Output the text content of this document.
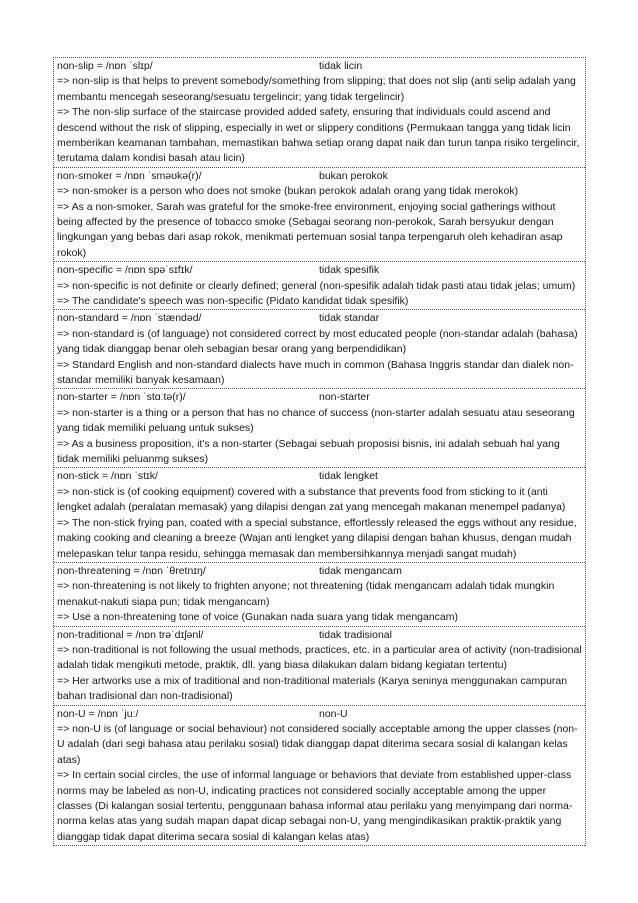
non-slip = /nɒn ˈslɪp/	tidak licin
=> non-slip is that helps to prevent somebody/something from slipping; that does not slip (anti selip adalah yang membantu mencegah seseorang/sesuatu tergelincir; yang tidak tergelincir)
=> The non-slip surface of the staircase provided added safety, ensuring that individuals could ascend and descend without the risk of slipping, especially in wet or slippery conditions (Permukaan tangga yang tidak licin memberikan keamanan tambahan, memastikan bahwa setiap orang dapat naik dan turun tanpa risiko tergelincir, terutama dalam kondisi basah atau licin)
non-smoker = /nɒn ˈsməʊkə(r)/	bukan perokok
=> non-smoker is a person who does not smoke (bukan perokok adalah orang yang tidak merokok)
=> As a non-smoker, Sarah was grateful for the smoke-free environment, enjoying social gatherings without being affected by the presence of tobacco smoke (Sebagai seorang non-perokok, Sarah bersyukur dengan lingkungan yang bebas dari asap rokok, menikmati pertemuan sosial tanpa terpengaruh oleh kehadiran asap rokok)
non-specific = /nɒn spəˈsɪfɪk/	tidak spesifik
=> non-specific is not definite or clearly defined; general (non-spesifik adalah tidak pasti atau tidak jelas; umum)
=> The candidate's speech was non-specific (Pidato kandidat tidak spesifik)
non-standard = /nɒn ˈstændəd/	tidak standar
=> non-standard is (of language) not considered correct by most educated people (non-standar adalah (bahasa) yang tidak dianggap benar oleh sebagian besar orang yang berpendidikan)
=> Standard English and non-standard dialects have much in common (Bahasa Inggris standar dan dialek non-standar memiliki banyak kesamaan)
non-starter = /nɒn ˈstɑːtə(r)/	non-starter
=> non-starter is a thing or a person that has no chance of success (non-starter adalah sesuatu atau seseorang yang tidak memiliki peluang untuk sukses)
=> As a business proposition, it's a non-starter (Sebagai sebuah proposisi bisnis, ini adalah sebuah hal yang tidak memiliki peluanmg sukses)
non-stick = /nɒn ˈstɪk/	tidak lengket
=> non-stick is (of cooking equipment) covered with a substance that prevents food from sticking to it (anti lengket adalah (peralatan memasak) yang dilapisi dengan zat yang mencegah makanan menempel padanya)
=> The non-stick frying pan, coated with a special substance, effortlessly released the eggs without any residue, making cooking and cleaning a breeze (Wajan anti lengket yang dilapisi dengan bahan khusus, dengan mudah melepaskan telur tanpa residu, sehingga memasak dan membersihkannya menjadi sangat mudah)
non-threatening = /nɒn ˈθretnɪŋ/	tidak mengancam
=> non-threatening is not likely to frighten anyone; not threatening (tidak mengancam adalah tidak mungkin menakut-nakuti siapa pun; tidak mengancam)
=> Use a non-threatening tone of voice (Gunakan nada suara yang tidak mengancam)
non-traditional = /nɒn trəˈdɪʃənl/	tidak tradisional
=> non-traditional is not following the usual methods, practices, etc. in a particular area of activity (non-tradisional adalah tidak mengikuti metode, praktik, dll. yang biasa dilakukan dalam bidang kegiatan tertentu)
=> Her artworks use a mix of traditional and non-traditional materials (Karya seninya menggunakan campuran bahan tradisional dan non-tradisional)
non-U = /nɒn ˈjuː/	non-U
=> non-U is (of language or social behaviour) not considered socially acceptable among the upper classes (non-U adalah (dari segi bahasa atau perilaku sosial) tidak dianggap dapat diterima secara sosial di kalangan kelas atas)
=> In certain social circles, the use of informal language or behaviors that deviate from established upper-class norms may be labeled as non-U, indicating practices not considered socially acceptable among the upper classes (Di kalangan sosial tertentu, penggunaan bahasa informal atau perilaku yang menyimpang dari norma-norma kelas atas yang sudah mapan dapat dicap sebagai non-U, yang mengindikasikan praktik-praktik yang dianggap tidak dapat diterima secara sosial di kalangan kelas atas)
